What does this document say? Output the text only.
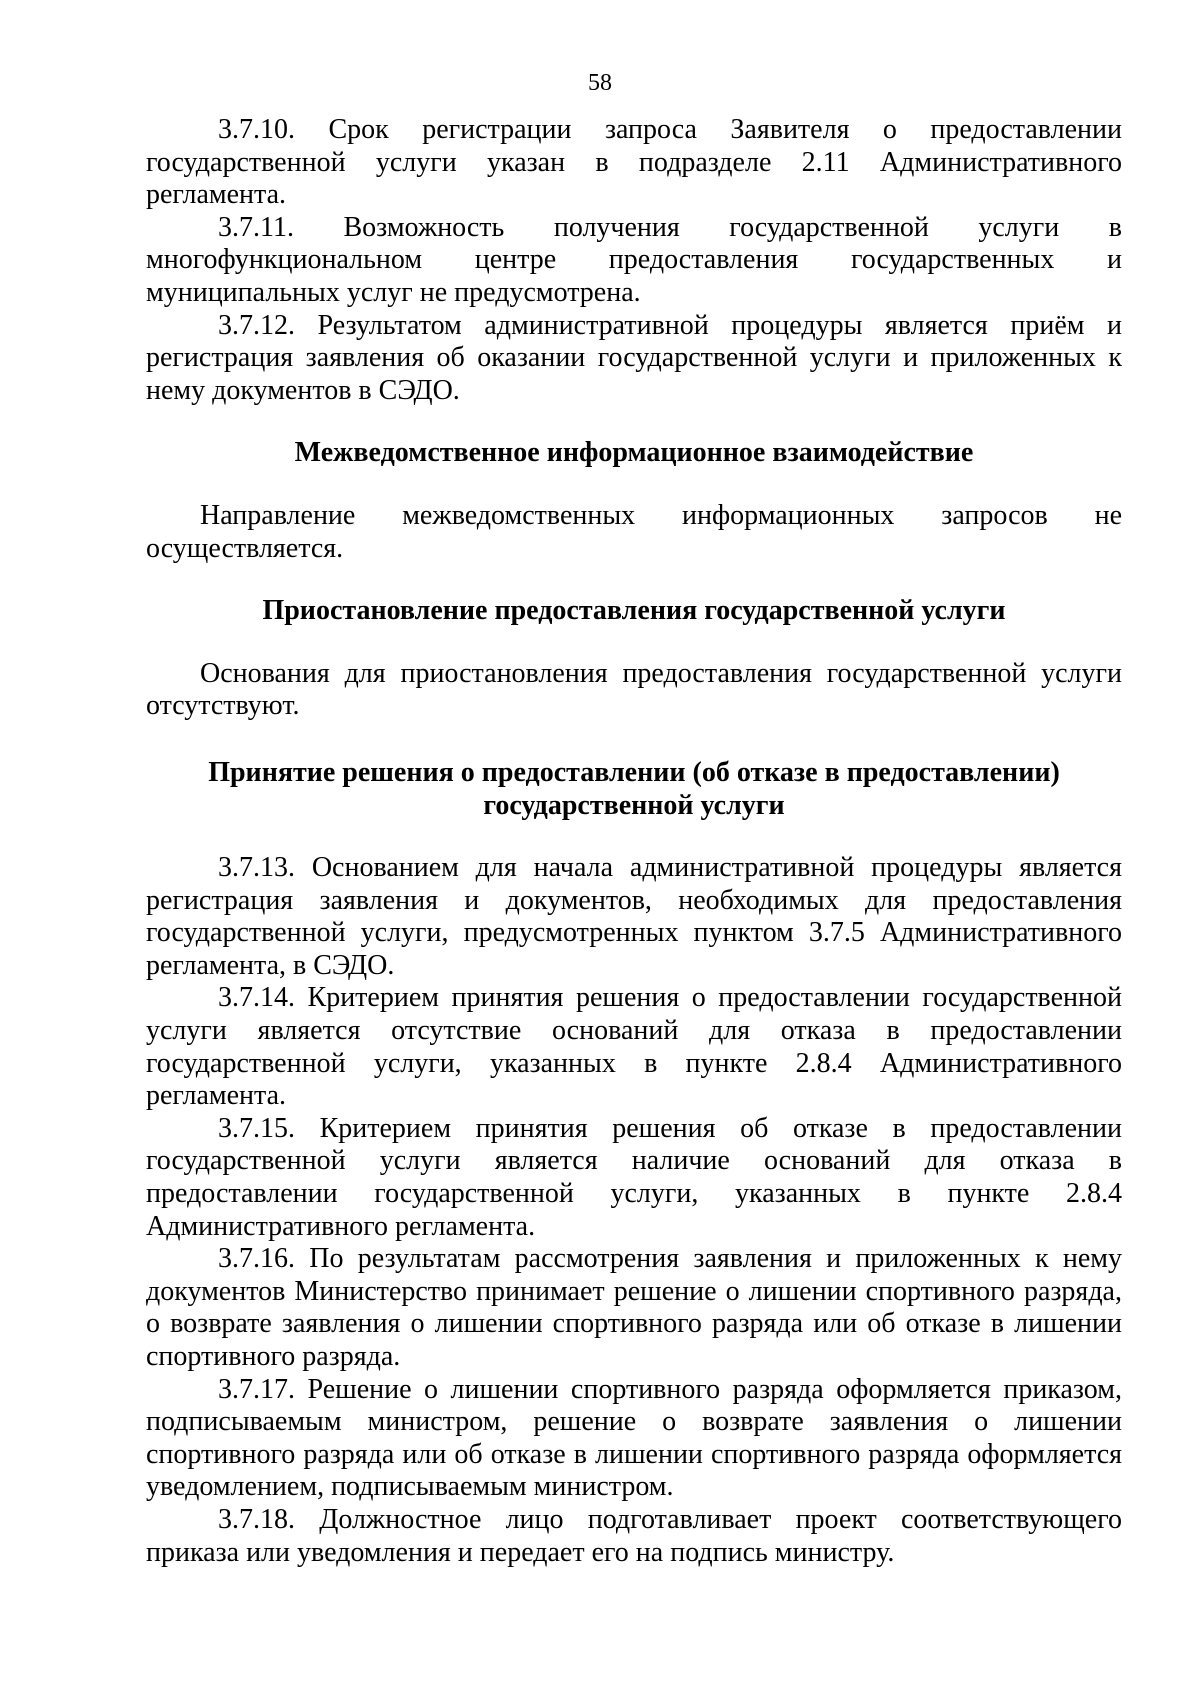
58

3.7.10. Срок регистрации запроса Заявителя о предоставлении государственной услуги указан в подразделе 2.11 Административного регламента.

3.7.11. Возможность получения государственной услуги в многофункциональном центре предоставления государственных и муниципальных услуг не предусмотрена.

3.7.12. Результатом административной процедуры является приём и регистрация заявления об оказании государственной услуги и приложенных к нему документов в СЭДО.

Межведомственное информационное взаимодействие

Направление межведомственных информационных запросов не осуществляется.

Приостановление предоставления государственной услуги

Основания для приостановления предоставления государственной услуги отсутствуют.

Принятие решения о предоставлении (об отказе в предоставлении)
государственной услуги

3.7.13. Основанием для начала административной процедуры является регистрация заявления и документов, необходимых для предоставления государственной услуги, предусмотренных пунктом 3.7.5 Административного регламента, в СЭДО.

3.7.14. Критерием принятия решения о предоставлении государственной услуги является отсутствие оснований для отказа в предоставлении государственной услуги, указанных в пункте 2.8.4 Административного регламента.

3.7.15. Критерием принятия решения об отказе в предоставлении государственной услуги является наличие оснований для отказа в предоставлении государственной услуги, указанных в пункте 2.8.4 Административного регламента.

3.7.16. По результатам рассмотрения заявления и приложенных к нему документов Министерство принимает решение о лишении спортивного разряда, о возврате заявления о лишении спортивного разряда или об отказе в лишении спортивного разряда.

3.7.17. Решение о лишении спортивного разряда оформляется приказом, подписываемым министром, решение о возврате заявления о лишении спортивного разряда или об отказе в лишении спортивного разряда оформляется уведомлением, подписываемым министром.

3.7.18. Должностное лицо подготавливает проект соответствующего приказа или уведомления и передает его на подпись министру.
